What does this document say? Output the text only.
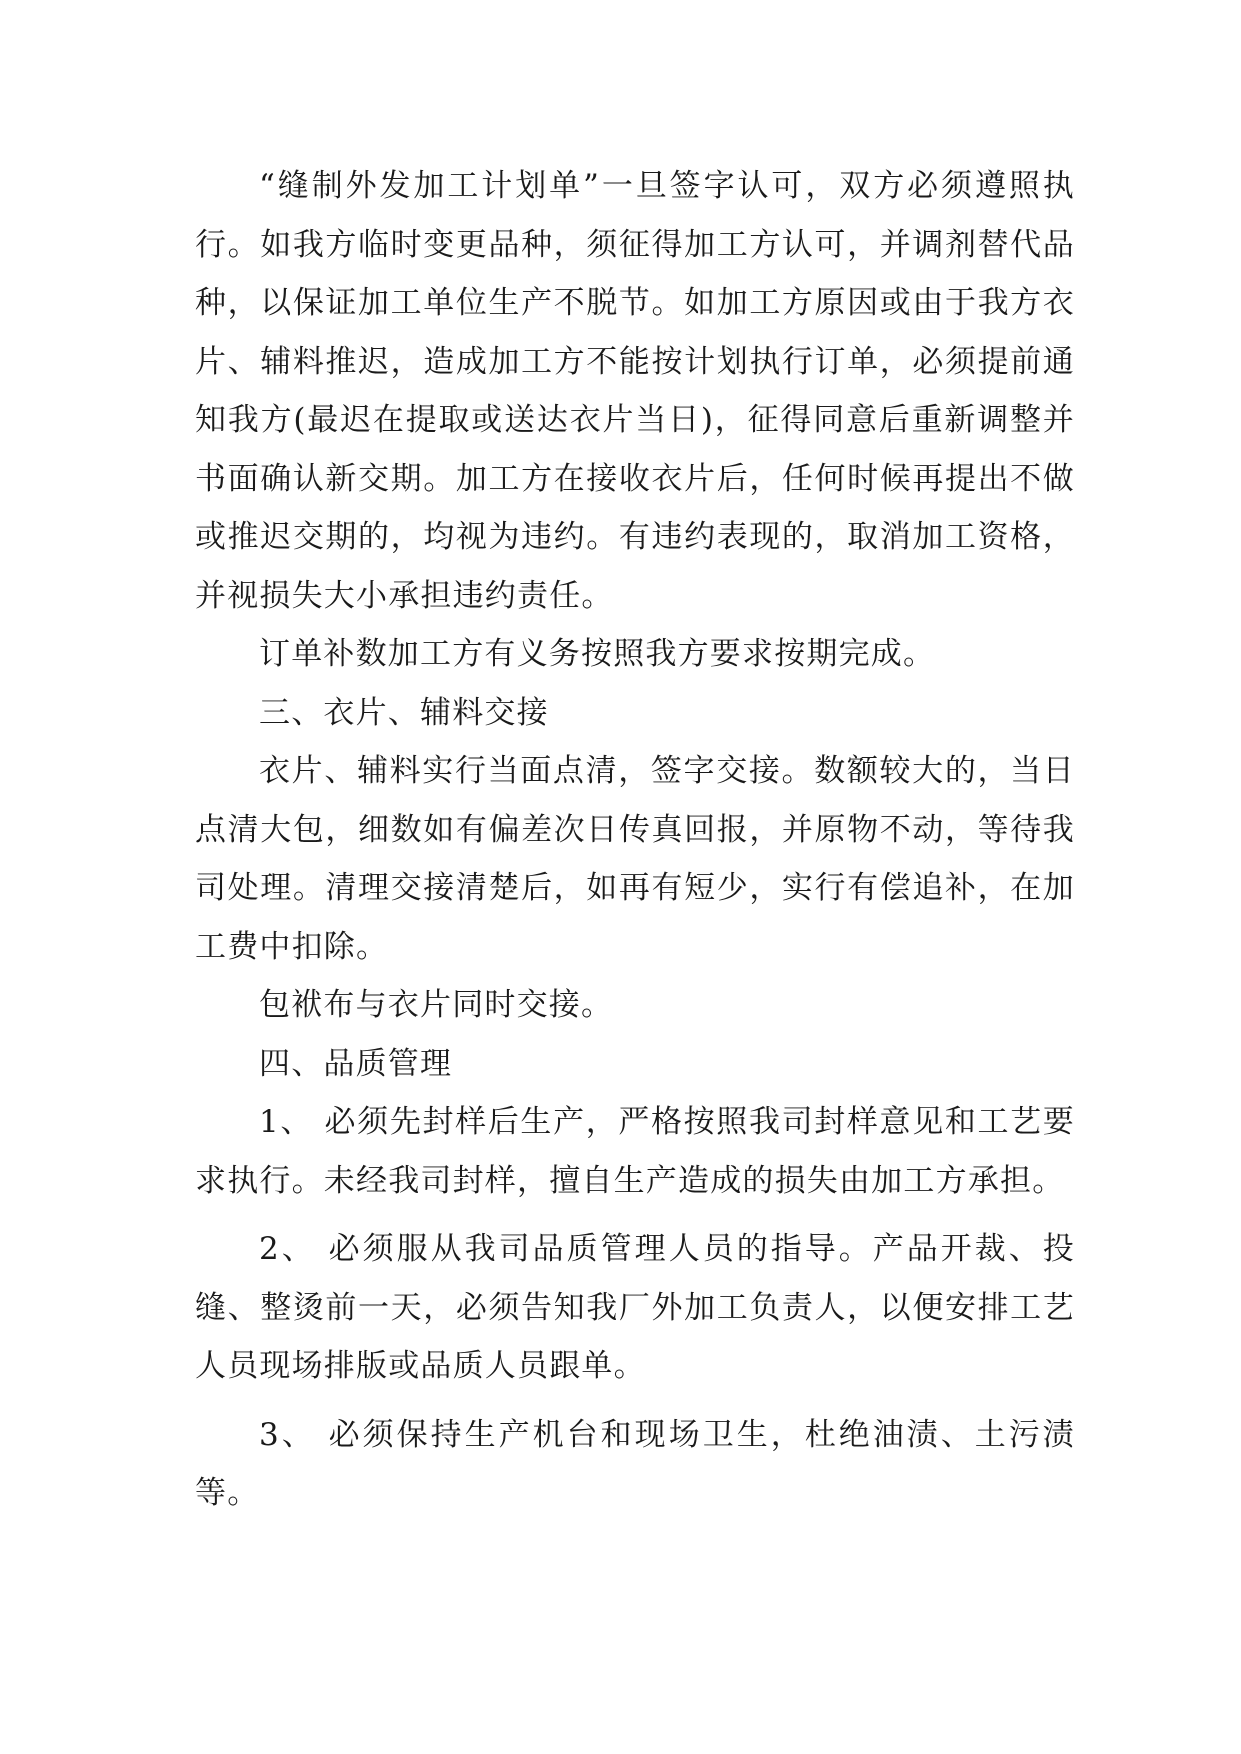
“缝制外发加工计划单”一旦签字认可，双方必须遵照执行。如我方临时变更品种，须征得加工方认可，并调剂替代品种，以保证加工单位生产不脱节。如加工方原因或由于我方衣片、辅料推迟，造成加工方不能按计划执行订单，必须提前通知我方(最迟在提取或送达衣片当日)，征得同意后重新调整并书面确认新交期。加工方在接收衣片后，任何时候再提出不做或推迟交期的，均视为违约。有违约表现的，取消加工资格，并视损失大小承担违约责任。

订单补数加工方有义务按照我方要求按期完成。

三、衣片、辅料交接

衣片、辅料实行当面点清，签字交接。数额较大的，当日点清大包，细数如有偏差次日传真回报，并原物不动，等待我司处理。清理交接清楚后，如再有短少，实行有偿追补，在加工费中扣除。

包袱布与衣片同时交接。

四、品质管理

1、 必须先封样后生产，严格按照我司封样意见和工艺要求执行。未经我司封样，擅自生产造成的损失由加工方承担。

2、 必须服从我司品质管理人员的指导。产品开裁、投缝、整烫前一天，必须告知我厂外加工负责人，以便安排工艺人员现场排版或品质人员跟单。

3、 必须保持生产机台和现场卫生，杜绝油渍、土污渍等。
